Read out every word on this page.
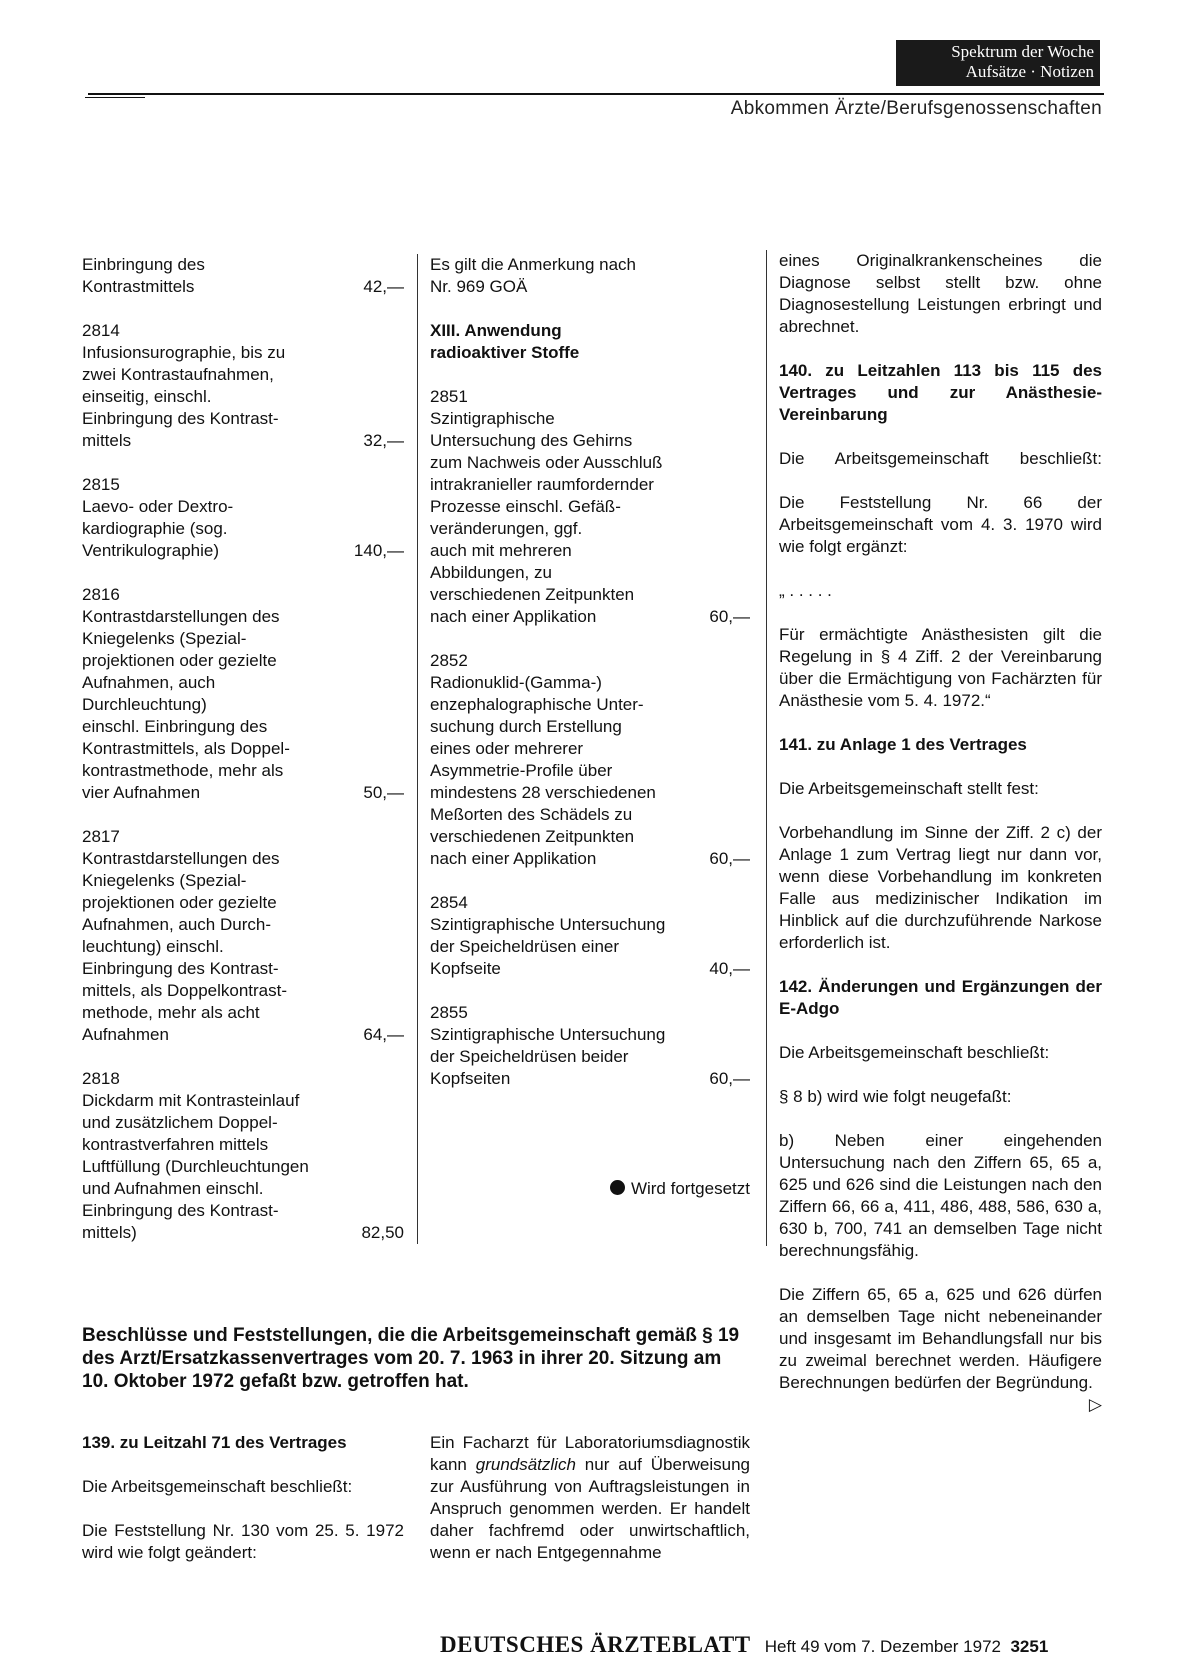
Spektrum der Woche
Aufsätze · Notizen
Abkommen Ärzte/Berufsgenossenschaften
Einbringung des
Kontrastmittels	42,—
2814
Infusionsurographie, bis zu
zwei Kontrastaufnahmen,
einseitig, einschl.
Einbringung des Kontrast-
mittels	32,—
2815
Laevo- oder Dextro-
kardiographie (sog.
Ventrikulographie)	140,—
2816
Kontrastdarstellungen des
Kniegelenks (Spezial-
projektionen oder gezielte
Aufnahmen, auch
Durchleuchtung)
einschl. Einbringung des
Kontrastmittels, als Doppel-
kontrastmethode, mehr als
vier Aufnahmen	50,—
2817
Kontrastdarstellungen des
Kniegelenks (Spezial-
projektionen oder gezielte
Aufnahmen, auch Durch-
leuchtung) einschl.
Einbringung des Kontrast-
mittels, als Doppelkontrast-
methode, mehr als acht
Aufnahmen	64,—
2818
Dickdarm mit Kontrasteinlauf
und zusätzlichem Doppel-
kontrastverfahren mittels
Luftfüllung (Durchleuchtungen
und Aufnahmen einschl.
Einbringung des Kontrast-
mittels)	82,50
Es gilt die Anmerkung nach
Nr. 969 GOÄ
XIII. Anwendung
radioaktiver Stoffe
2851
Szintigraphische
Untersuchung des Gehirns
zum Nachweis oder Ausschluß
intrakranieller raumfordernder
Prozesse einschl. Gefäß-
veränderungen, ggf.
auch mit mehreren
Abbildungen, zu
verschiedenen Zeitpunkten
nach einer Applikation	60,—
2852
Radionuklid-(Gamma-)
enzephalographische Unter-
suchung durch Erstellung
eines oder mehrerer
Asymmetrie-Profile über
mindestens 28 verschiedenen
Meßorten des Schädels zu
verschiedenen Zeitpunkten
nach einer Applikation	60,—
2854
Szintigraphische Untersuchung
der Speicheldrüsen einer
Kopfseite	40,—
2855
Szintigraphische Untersuchung
der Speicheldrüsen beider
Kopfseiten	60,—
Wird fortgesetzt
eines Originalkrankenscheines die Diagnose selbst stellt bzw. ohne Diagnosestellung Leistungen erbringt und abrechnet.
140. zu Leitzahlen 113 bis 115 des Vertrages und zur Anästhesie-Vereinbarung
Die Arbeitsgemeinschaft beschließt:
Die Feststellung Nr. 66 der Arbeitsgemeinschaft vom 4. 3. 1970 wird wie folgt ergänzt:
„ . . . . .
Für ermächtigte Anästhesisten gilt die Regelung in § 4 Ziff. 2 der Vereinbarung über die Ermächtigung von Fachärzten für Anästhesie vom 5. 4. 1972.“
141. zu Anlage 1 des Vertrages
Die Arbeitsgemeinschaft stellt fest:
Vorbehandlung im Sinne der Ziff. 2 c) der Anlage 1 zum Vertrag liegt nur dann vor, wenn diese Vorbehandlung im konkreten Falle aus medizinischer Indikation im Hinblick auf die durchzuführende Narkose erforderlich ist.
142. Änderungen und Ergänzungen der E-Adgo
Die Arbeitsgemeinschaft beschließt:
§ 8 b) wird wie folgt neugefaßt:
b) Neben einer eingehenden Untersuchung nach den Ziffern 65, 65 a, 625 und 626 sind die Leistungen nach den Ziffern 66, 66 a, 411, 486, 488, 586, 630 a, 630 b, 700, 741 an demselben Tage nicht berechnungsfähig.
Die Ziffern 65, 65 a, 625 und 626 dürfen an demselben Tage nicht nebeneinander und insgesamt im Behandlungsfall nur bis zu zweimal berechnet werden. Häufigere Berechnungen bedürfen der Begründung.
▷
Beschlüsse und Feststellungen, die die Arbeitsgemeinschaft gemäß § 19 des Arzt/Ersatzkassenvertrages vom 20. 7. 1963 in ihrer 20. Sitzung am 10. Oktober 1972 gefaßt bzw. getroffen hat.
139. zu Leitzahl 71 des Vertrages
Die Arbeitsgemeinschaft beschließt:
Die Feststellung Nr. 130 vom 25. 5. 1972 wird wie folgt geändert:
Ein Facharzt für Laboratoriumsdiagnostik kann grundsätzlich nur auf Überweisung zur Ausführung von Auftragsleistungen in Anspruch genommen werden. Er handelt daher fachfremd oder unwirtschaftlich, wenn er nach Entgegennahme
DEUTSCHES ÄRZTEBLATT Heft 49 vom 7. Dezember 1972 3251
